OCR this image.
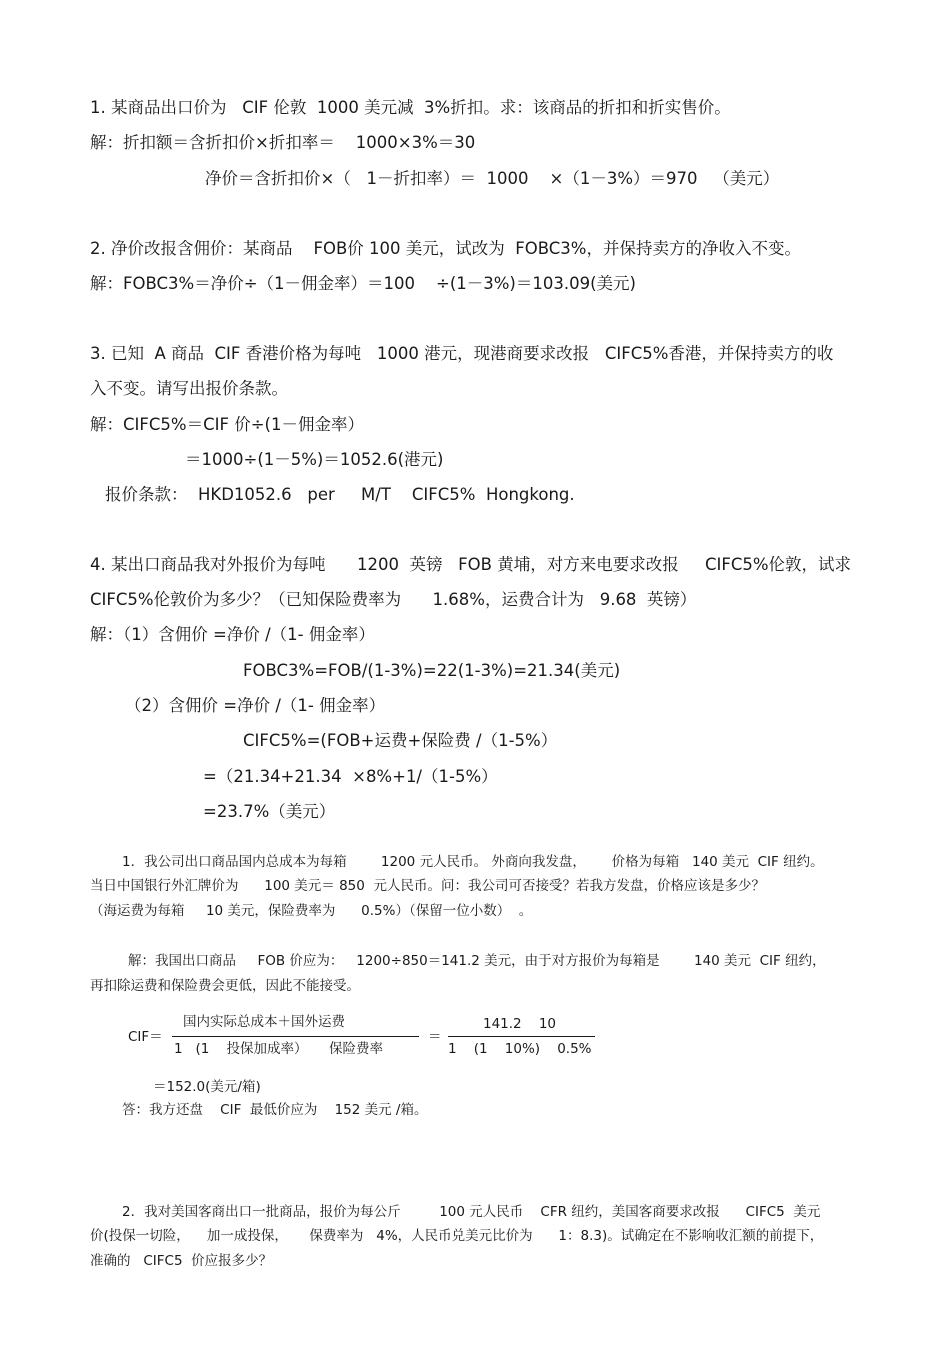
1. 某商品出口价为   CIF 伦敦  1000 美元减  3%折扣。求：该商品的折扣和折实售价。
解：折扣额＝含折扣价×折扣率＝    1000×3%＝30
净价＝含折扣价×（   1－折扣率）＝  1000    ×（1－3%）＝970   （美元）
2. 净价改报含佣价：某商品    FOB价 100 美元，试改为  FOBC3%，并保持卖方的净收入不变。
解：FOBC3%＝净价÷（1－佣金率）＝100    ÷(1－3%)＝103.09(美元)
3. 已知  A 商品  CIF 香港价格为每吨   1000 港元，现港商要求改报   CIFC5%香港，并保持卖方的收
入不变。请写出报价条款。
解：CIFC5%＝CIF 价÷(1－佣金率）
＝1000÷(1－5%)＝1052.6(港元)
报价条款：  HKD1052.6   per     M/T    CIFC5%  Hongkong.
4. 某出口商品我对外报价为每吨      1200  英镑   FOB 黄埔，对方来电要求改报     CIFC5%伦敦，试求
CIFC5%伦敦价为多少？（已知保险费率为      1.68%，运费合计为   9.68  英镑）
解：（1）含佣价 =净价 /（1- 佣金率）
FOBC3%=FOB/(1-3%)=22(1-3%)=21.34(美元)
（2）含佣价 =净价 /（1- 佣金率）
CIFC5%=(FOB+运费+保险费 /（1-5%）
=（21.34+21.34  ×8%+1/（1-5%）
=23.7%（美元）
1．我公司出口商品国内总成本为每箱        1200 元人民币。 外商向我发盘，      价格为每箱   140 美元  CIF 纽约。
当日中国银行外汇牌价为      100 美元＝ 850  元人民币。问：我公司可否接受？若我方发盘，价格应该是多少？
（海运费为每箱     10 美元，保险费率为      0.5%）（保留一位小数）  。
解：我国出口商品     FOB 价应为：   1200÷850＝141.2 美元，由于对方报价为每箱是        140 美元  CIF 纽约，
再扣除运费和保险费会更低，因此不能接受。
CIF＝
国内实际总成本＋国外运费
1   (1    投保加成率）     保险费率
＝
141.2    10
1    (1    10%)    0.5%
＝152.0(美元/箱)
答：我方还盘    CIF  最低价应为    152 美元 /箱。
2．我对美国客商出口一批商品，报价为每公斤         100 元人民币    CFR 纽约，美国客商要求改报      CIFC5  美元
价(投保一切险，    加一成投保，     保费率为   4%，人民币兑美元比价为      1：8.3)。试确定在不影响收汇额的前提下，
准确的   CIFC5  价应报多少？
